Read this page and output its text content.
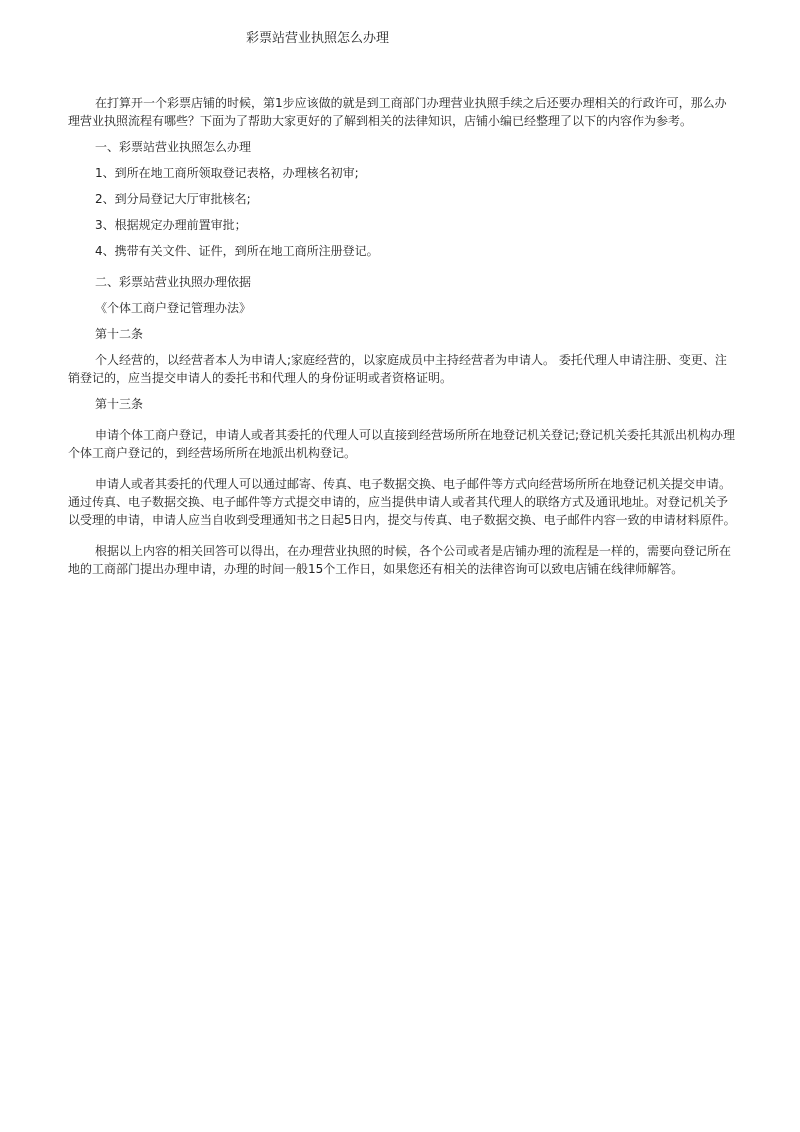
彩票站营业执照怎么办理

在打算开一个彩票店铺的时候，第1步应该做的就是到工商部门办理营业执照手续之后还要办理相关的行政许可，那么办理营业执照流程有哪些？下面为了帮助大家更好的了解到相关的法律知识，店铺小编已经整理了以下的内容作为参考。

一、彩票站营业执照怎么办理

1、到所在地工商所领取登记表格，办理核名初审;

2、到分局登记大厅审批核名;

3、根据规定办理前置审批；

4、携带有关文件、证件，到所在地工商所注册登记。

二、彩票站营业执照办理依据

《个体工商户登记管理办法》

第十二条

个人经营的，以经营者本人为申请人;家庭经营的，以家庭成员中主持经营者为申请人。 委托代理人申请注册、变更、注销登记的，应当提交申请人的委托书和代理人的身份证明或者资格证明。

第十三条

申请个体工商户登记，申请人或者其委托的代理人可以直接到经营场所所在地登记机关登记;登记机关委托其派出机构办理个体工商户登记的，到经营场所所在地派出机构登记。

申请人或者其委托的代理人可以通过邮寄、传真、电子数据交换、电子邮件等方式向经营场所所在地登记机关提交申请。通过传真、电子数据交换、电子邮件等方式提交申请的，应当提供申请人或者其代理人的联络方式及通讯地址。对登记机关予以受理的申请，申请人应当自收到受理通知书之日起5日内，提交与传真、电子数据交换、电子邮件内容一致的申请材料原件。

根据以上内容的相关回答可以得出，在办理营业执照的时候，各个公司或者是店铺办理的流程是一样的，需要向登记所在地的工商部门提出办理申请，办理的时间一般15个工作日，如果您还有相关的法律咨询可以致电店铺在线律师解答。
